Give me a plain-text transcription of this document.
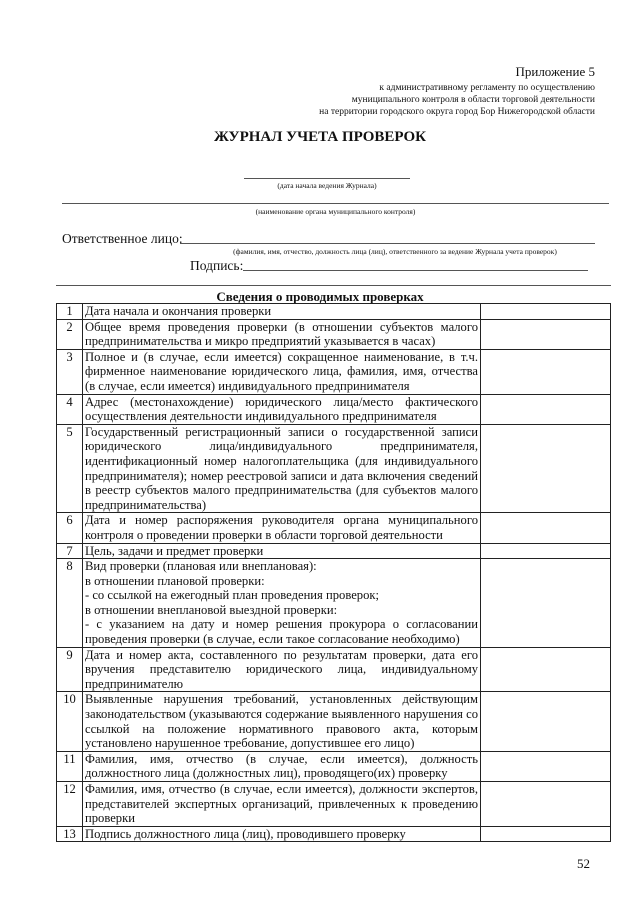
Приложение 5
к административному регламенту по осуществлению
муниципального контроля в области торговой деятельности
на территории городского округа город Бор Нижегородской области
ЖУРНАЛ УЧЕТА ПРОВЕРОК
(дата начала ведения Журнала)
(наименование органа муниципального контроля)
Ответственное лицо:
(фамилия, имя, отчество, должность лица (лиц), ответственного за ведение Журнала учета проверок)
Подпись:
Сведения о проводимых проверках
1	Дата начала и окончания проверки	
2	Общее время проведения проверки (в отношении субъектов малого предпринимательства и микро предприятий указывается в часах)	
3	Полное и (в случае, если имеется) сокращенное наименование, в т.ч. фирменное наименование юридического лица, фамилия, имя, отчества (в случае, если имеется) индивидуального предпринимателя	
4	Адрес (местонахождение) юридического лица/место фактического осуществления деятельности индивидуального предпринимателя	
5	Государственный регистрационный записи о государственной записи юридического лица/индивидуального предпринимателя, идентификационный номер налогоплательщика (для индивидуального предпринимателя); номер реестровой записи и дата включения сведений в реестр субъектов малого предпринимательства (для субъектов малого предпринимательства)	
6	Дата и номер распоряжения руководителя органа муниципального контроля о проведении проверки в области торговой деятельности	
7	Цель, задачи и предмет проверки	
8	Вид проверки (плановая или внеплановая):
в отношении плановой проверки:
- со ссылкой на ежегодный план проведения проверок;
в отношении внеплановой выездной проверки:
- с указанием на дату и номер решения прокурора о согласовании проведения проверки (в случае, если такое согласование необходимо)	

9	Дата и номер акта, составленного по результатам проверки, дата его вручения представителю юридического лица, индивидуальному предпринимателю	
10	Выявленные нарушения требований, установленных действующим законодательством (указываются содержание выявленного нарушения со ссылкой на положение нормативного правового акта, которым установлено нарушенное требование, допустившее его лицо)	
11	Фамилия, имя, отчество (в случае, если имеется), должность должностного лица (должностных лиц), проводящего(их) проверку	
12	Фамилия, имя, отчество (в случае, если имеется), должности экспертов, представителей экспертных организаций, привлеченных к проведению проверки	
13	Подпись должностного лица (лиц), проводившего проверку	
52
